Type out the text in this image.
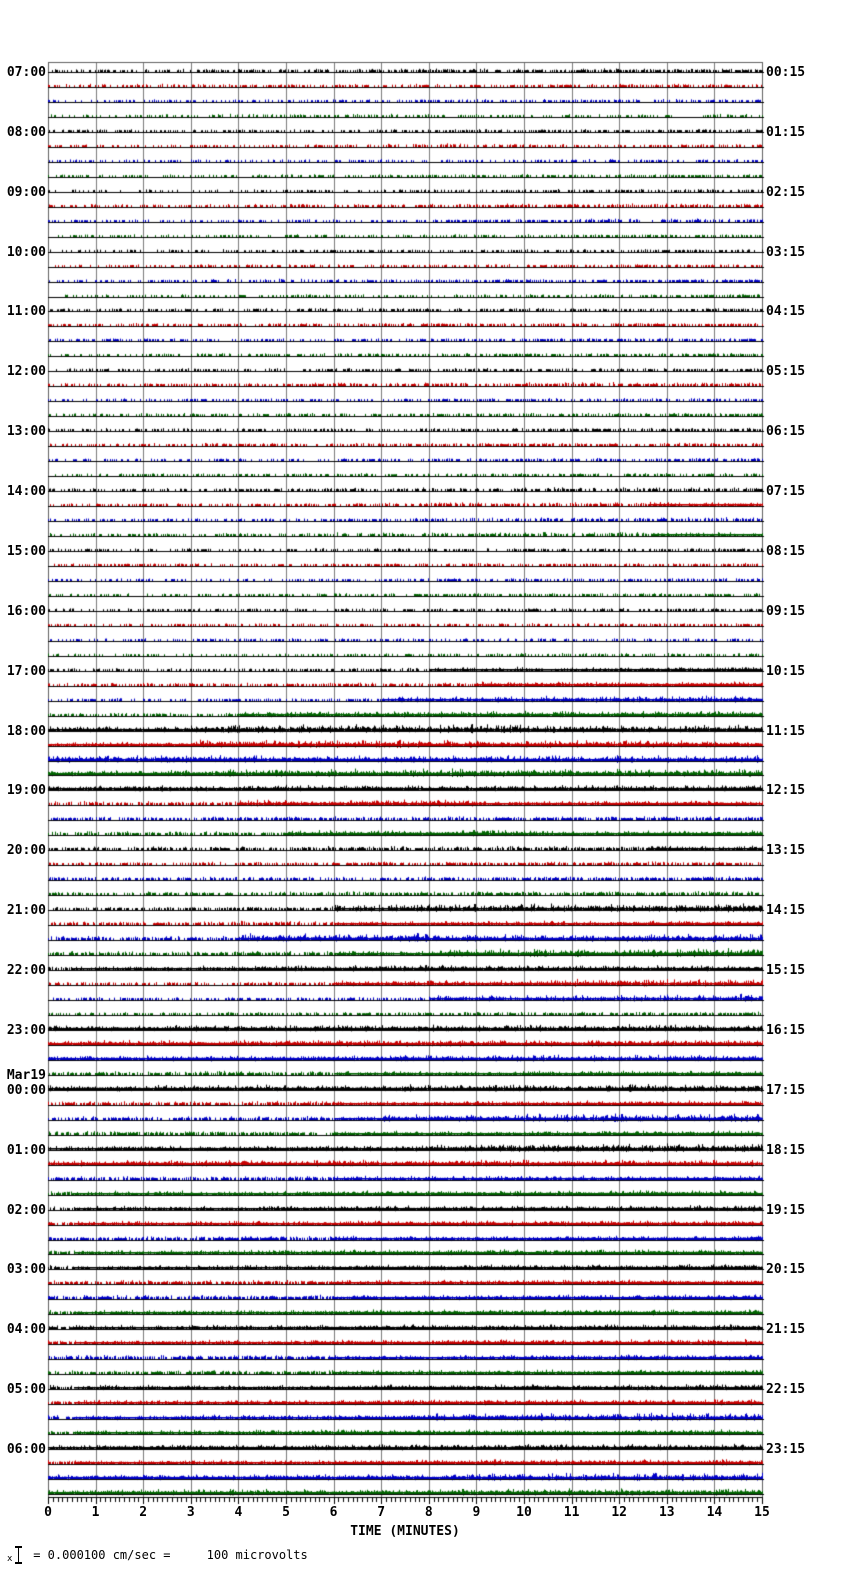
07:00
08:00
09:00
10:00
11:00
12:00
13:00
14:00
15:00
16:00
17:00
18:00
19:00
20:00
21:00
22:00
23:00
Mar19
00:00
01:00
02:00
03:00
04:00
05:00
06:00
00:15
01:15
02:15
03:15
04:15
05:15
06:15
07:15
08:15
09:15
10:15
11:15
12:15
13:15
14:15
15:15
16:15
17:15
18:15
19:15
20:15
21:15
22:15
23:15
0	1	2	3	4	5	6	7	8	9	10 11 12 13 14 15
TIME (MINUTES)
x = 0.000100 cm/sec =     100 microvolts
